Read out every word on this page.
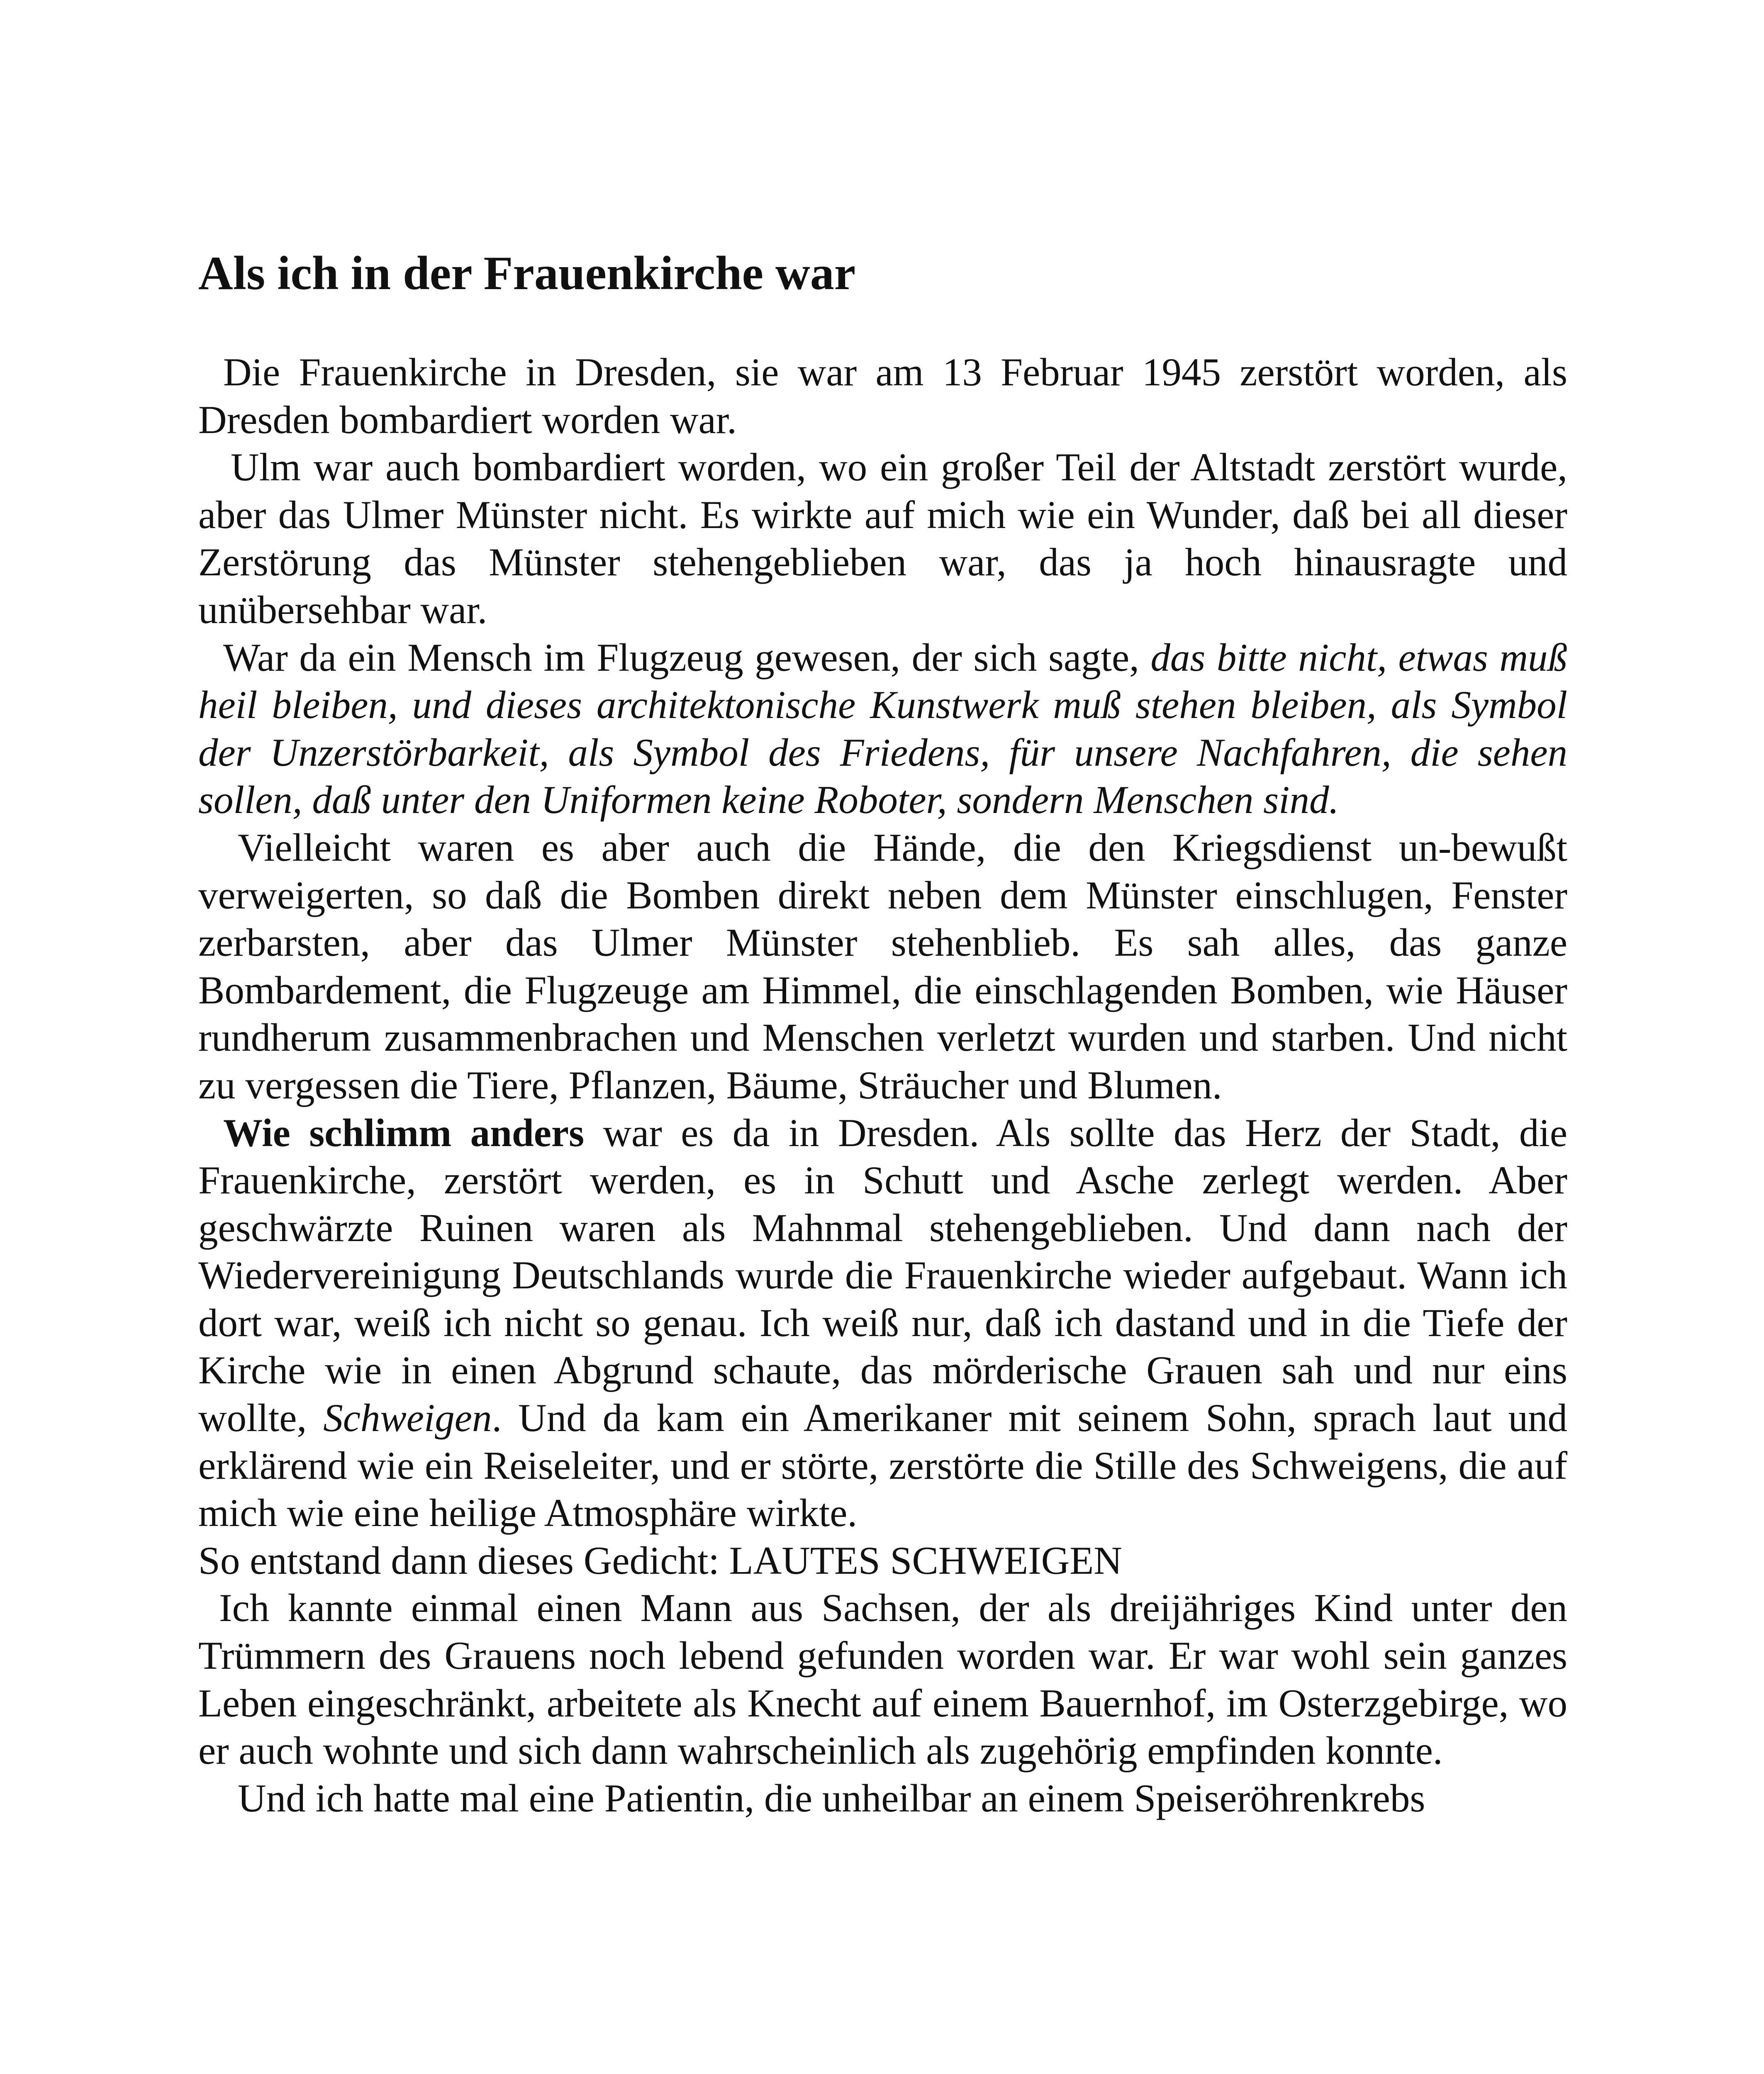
Als ich in der Frauenkirche war

Die Frauenkirche in Dresden, sie war am 13 Februar 1945 zerstört worden, als Dresden bombardiert worden war.

Ulm war auch bombardiert worden, wo ein großer Teil der Altstadt zerstört wurde, aber das Ulmer Münster nicht. Es wirkte auf mich wie ein Wunder, daß bei all dieser Zerstörung das Münster stehengeblieben war, das ja hoch hinausragte und unübersehbar war.

War da ein Mensch im Flugzeug gewesen, der sich sagte, das bitte nicht, etwas muß heil bleiben, und dieses architektonische Kunstwerk muß stehen bleiben, als Symbol der Unzerstörbarkeit, als Symbol des Friedens, für unsere Nachfahren, die sehen sollen, daß unter den Uniformen keine Roboter, sondern Menschen sind.

Vielleicht waren es aber auch die Hände, die den Kriegsdienst un-bewußt verweigerten, so daß die Bomben direkt neben dem Münster einschlugen, Fenster zerbarsten, aber das Ulmer Münster stehenblieb. Es sah alles, das ganze Bombardement, die Flugzeuge am Himmel, die einschlagenden Bomben, wie Häuser rundherum zusammenbrachen und Menschen verletzt wurden und starben. Und nicht zu vergessen die Tiere, Pflanzen, Bäume, Sträucher und Blumen.

Wie schlimm anders war es da in Dresden. Als sollte das Herz der Stadt, die Frauenkirche, zerstört werden, es in Schutt und Asche zerlegt werden. Aber geschwärzte Ruinen waren als Mahnmal stehengeblieben. Und dann nach der Wiedervereinigung Deutschlands wurde die Frauenkirche wieder aufgebaut. Wann ich dort war, weiß ich nicht so genau. Ich weiß nur, daß ich dastand und in die Tiefe der Kirche wie in einen Abgrund schaute, das mörderische Grauen sah und nur eins wollte, Schweigen. Und da kam ein Amerikaner mit seinem Sohn, sprach laut und erklärend wie ein Reiseleiter, und er störte, zerstörte die Stille des Schweigens, die auf mich wie eine heilige Atmosphäre wirkte.

So entstand dann dieses Gedicht: LAUTES SCHWEIGEN

Ich kannte einmal einen Mann aus Sachsen, der als dreijähriges Kind unter den Trümmern des Grauens noch lebend gefunden worden war. Er war wohl sein ganzes Leben eingeschränkt, arbeitete als Knecht auf einem Bauernhof, im Osterzgebirge, wo er auch wohnte und sich dann wahrscheinlich als zugehörig empfinden konnte.

Und ich hatte mal eine Patientin, die unheilbar an einem Speiseröhrenkrebs
